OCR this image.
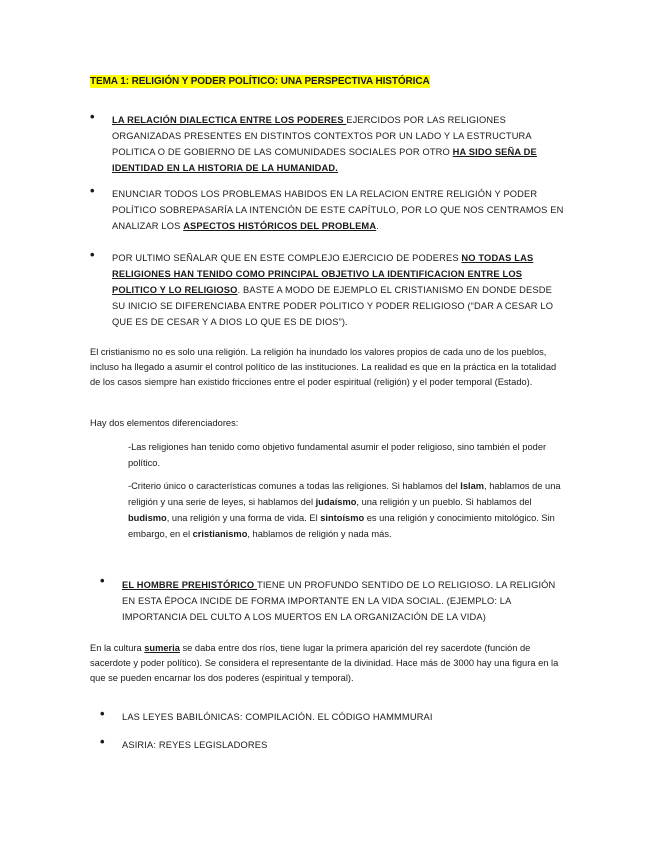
TEMA 1: RELIGIÓN Y PODER POLÍTICO: UNA PERSPECTIVA HISTÓRICA
• LA RELACIÓN DIALECTICA ENTRE LOS PODERES EJERCIDOS POR LAS RELIGIONES ORGANIZADAS PRESENTES EN DISTINTOS CONTEXTOS POR UN LADO Y LA ESTRUCTURA POLITICA O DE GOBIERNO DE LAS COMUNIDADES SOCIALES POR OTRO HA SIDO SEÑA DE IDENTIDAD EN LA HISTORIA DE LA HUMANIDAD.
• ENUNCIAR TODOS LOS PROBLEMAS HABIDOS EN LA RELACION ENTRE RELIGIÓN Y PODER POLÍTICO SOBREPASARÍA LA INTENCIÓN DE ESTE CAPÍTULO, POR LO QUE NOS CENTRAMOS EN ANALIZAR LOS ASPECTOS HISTÓRICOS DEL PROBLEMA.
• POR ULTIMO SEÑALAR QUE EN ESTE COMPLEJO EJERCICIO DE PODERES NO TODAS LAS RELIGIONES HAN TENIDO COMO PRINCIPAL OBJETIVO LA IDENTIFICACION ENTRE LOS POLITICO Y LO RELIGIOSO. BASTE A MODO DE EJEMPLO EL CRISTIANISMO EN DONDE DESDE SU INICIO SE DIFERENCIABA ENTRE PODER POLITICO Y PODER RELIGIOSO (“DAR A CESAR LO QUE ES DE CESAR Y A DIOS LO QUE ES DE DIOS”).
El cristianismo no es solo una religión. La religión ha inundado los valores propios de cada uno de los pueblos, incluso ha llegado a asumir el control político de las instituciones. La realidad es que en la práctica en la totalidad de los casos siempre han existido fricciones entre el poder espiritual (religión) y el poder temporal (Estado).
Hay dos elementos diferenciadores:
-Las religiones han tenido como objetivo fundamental asumir el poder religioso, sino también el poder político.
-Criterio único o características comunes a todas las religiones. Si hablamos del Islam, hablamos de una religión y una serie de leyes, si hablamos del judaísmo, una religión y un pueblo. Si hablamos del budismo, una religión y una forma de vida. El sintoísmo es una religión y conocimiento mitológico. Sin embargo, en el cristianismo, hablamos de religión y nada más.
• EL HOMBRE PREHISTÓRICO TIENE UN PROFUNDO SENTIDO DE LO RELIGIOSO. LA RELIGIÓN EN ESTA ÉPOCA INCIDE DE FORMA IMPORTANTE EN LA VIDA SOCIAL. (EJEMPLO: LA IMPORTANCIA DEL CULTO A LOS MUERTOS EN LA ORGANIZACIÓN DE LA VIDA)
En la cultura sumeria se daba entre dos ríos, tiene lugar la primera aparición del rey sacerdote (función de sacerdote y poder político). Se considera el representante de la divinidad. Hace más de 3000 hay una figura en la que se pueden encarnar los dos poderes (espiritual y temporal).
• LAS LEYES BABILÓNICAS: COMPILACIÓN. EL CÓDIGO HAMMMURAI
• ASIRIA: REYES LEGISLADORES
